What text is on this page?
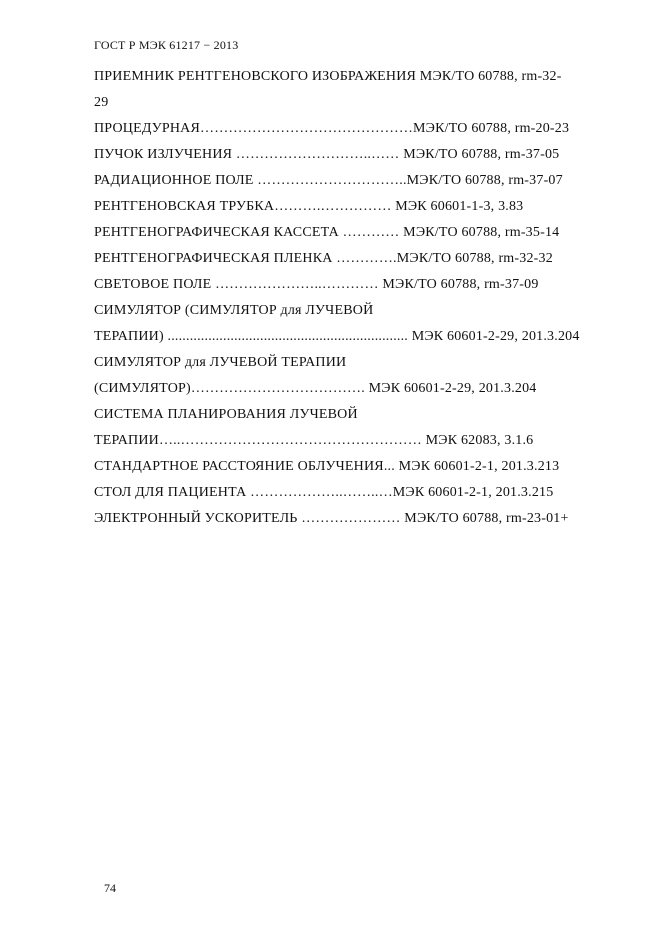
ГОСТ Р МЭК 61217 − 2013
ПРИЕМНИК РЕНТГЕНОВСКОГО ИЗОБРАЖЕНИЯ МЭК/ТО 60788, rm-32-
29
ПРОЦЕДУРНАЯ………………………………………МЭК/ТО 60788, rm-20-23
ПУЧОК ИЗЛУЧЕНИЯ ………………………..…… МЭК/ТО 60788, rm-37-05
РАДИАЦИОННОЕ ПОЛЕ …………………………..МЭК/ТО 60788, rm-37-07
РЕНТГЕНОВСКАЯ ТРУБКА……….…………… МЭК 60601-1-3, 3.83
РЕНТГЕНОГРАФИЧЕСКАЯ КАССЕТА ………… МЭК/ТО 60788, rm-35-14
РЕНТГЕНОГРАФИЧЕСКАЯ ПЛЕНКА ………….МЭК/ТО 60788, rm-32-32
СВЕТОВОЕ ПОЛЕ …………………..………… МЭК/ТО 60788, rm-37-09
СИМУЛЯТОР (СИМУЛЯТОР для ЛУЧЕВОЙ
ТЕРАПИИ) ................................................................. МЭК 60601-2-29, 201.3.204
СИМУЛЯТОР для ЛУЧЕВОЙ ТЕРАПИИ
(СИМУЛЯТОР)………………………………. МЭК 60601-2-29, 201.3.204
СИСТЕМА ПЛАНИРОВАНИЯ ЛУЧЕВОЙ
ТЕРАПИИ…..…………………………………………… МЭК 62083, 3.1.6
СТАНДАРТНОЕ РАССТОЯНИЕ ОБЛУЧЕНИЯ... МЭК 60601-2-1, 201.3.213
СТОЛ ДЛЯ ПАЦИЕНТА ………………..……..…МЭК 60601-2-1, 201.3.215
ЭЛЕКТРОННЫЙ УСКОРИТЕЛЬ ………………… МЭК/ТО 60788, rm-23-01+
74
